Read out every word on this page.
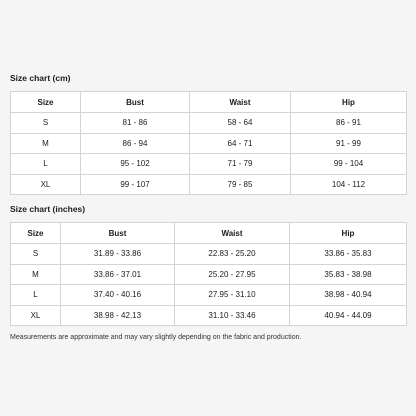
Size chart (cm)
Size	Bust	Waist	Hip
S	81 - 86	58 - 64	86 - 91
M	86 - 94	64 - 71	91 - 99
L	95 - 102	71 - 79	99 - 104
XL	99 - 107	79 - 85	104 - 112
Size chart (inches)
Size	Bust	Waist	Hip
S	31.89 - 33.86	22.83 - 25.20	33.86 - 35.83
M	33.86 - 37.01	25.20 - 27.95	35.83 - 38.98
L	37.40 - 40.16	27.95 - 31.10	38.98 - 40.94
XL	38.98 - 42.13	31.10 - 33.46	40.94 - 44.09
Measurements are approximate and may vary slightly depending on the fabric and production.
